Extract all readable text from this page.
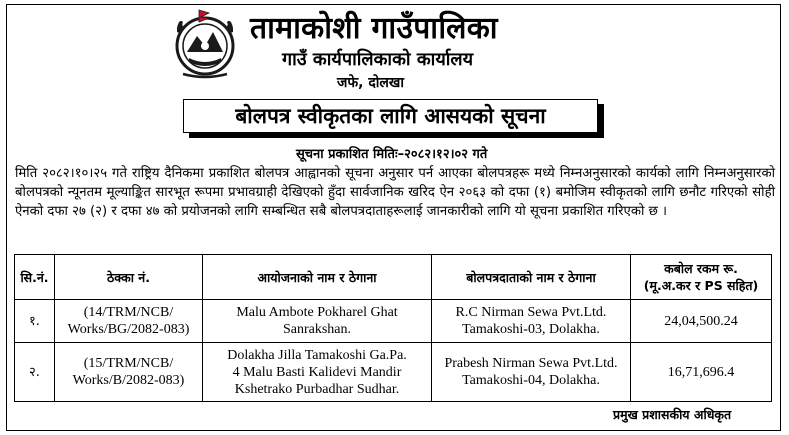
तामाकोशी गाउँपालिका
गाउँ कार्यपालिकाको कार्यालय
जफे, दोलखा
बोलपत्र स्वीकृतका लागि आसयको सूचना
सूचना प्रकाशित मितिः–२०८२।१२।०२ गते
मिति २०८२।१०।२५ गते राष्ट्रिय दैनिकमा प्रकाशित बोलपत्र आह्वानको सूचना अनुसार पर्न आएका बोलपत्रहरू मध्ये निम्नअनुसारको कार्यको लागि निम्नअनुसारको बोलपत्रको न्यूनतम मूल्याङ्कित सारभूत रूपमा प्रभावग्राही देखिएको हुँदा सार्वजानिक खरिद ऐन २०६३ को दफा (१) बमोजिम स्वीकृतको लागि छनौट गरिएको सोही ऐनको दफा २७ (२) र दफा ४७ को प्रयोजनको लागि सम्बन्धित सबै बोलपत्रदाताहरूलाई जानकारीको लागि यो सूचना प्रकाशित गरिएको छ ।
सि.नं.	ठेक्का नं.	आयोजनाको नाम र ठेगाना	बोलपत्रदाताको नाम र ठेगाना	कबोल रकम रू.
(मू.अ.कर र PS सहित)

१.	(14/TRM/NCB/
Works/BG/2082-083)	Malu Ambote Pokharel Ghat
Sanrakshan.	R.C Nirman Sewa Pvt.Ltd.
Tamakoshi-03, Dolakha.	24,04,500.24
२.	(15/TRM/NCB/
Works/B/2082-083)	Dolakha Jilla Tamakoshi Ga.Pa.
4 Malu Basti Kalidevi Mandir
Kshetrako Purbadhar Sudhar.	Prabesh Nirman Sewa Pvt.Ltd.
Tamakoshi-04, Dolakha.	16,71,696.4
प्रमुख प्रशासकीय अधिकृत
